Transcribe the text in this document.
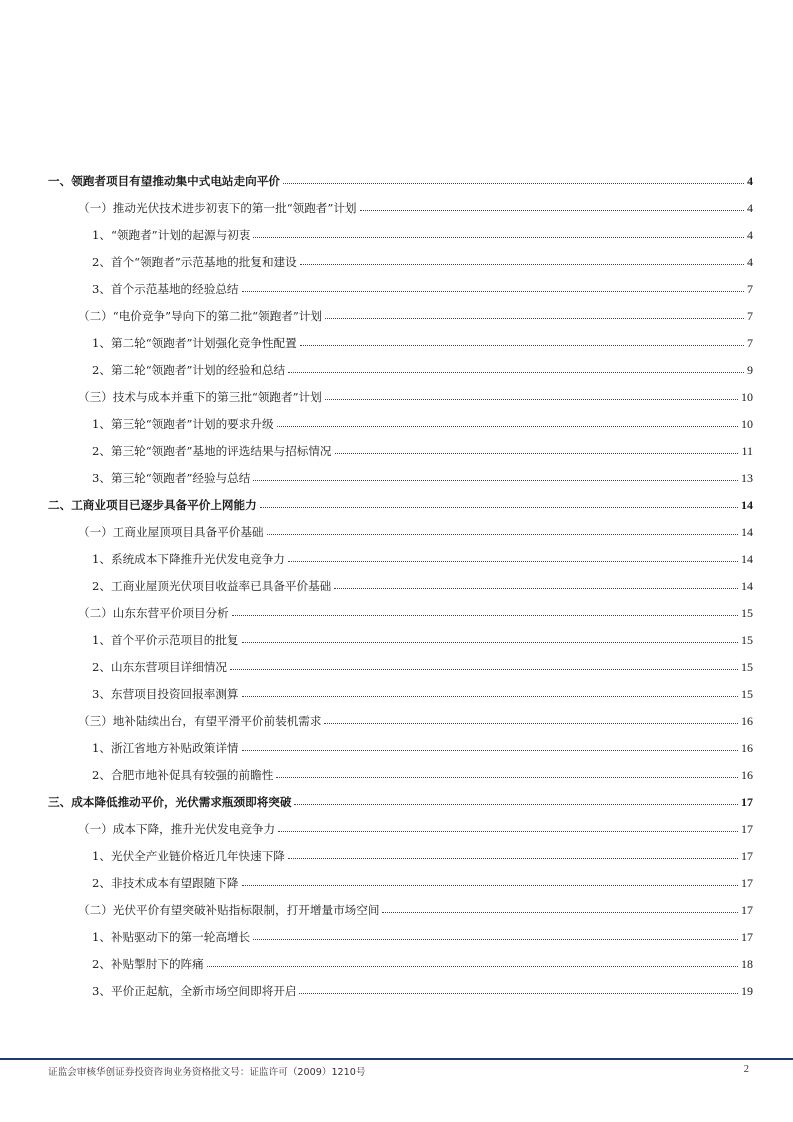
一、领跑者项目有望推动集中式电站走向平价	4
（一）推动光伏技术进步初衷下的第一批“领跑者”计划	4
1、“领跑者”计划的起源与初衷	4
2、首个“领跑者”示范基地的批复和建设	4
3、首个示范基地的经验总结	7
（二）“电价竞争”导向下的第二批“领跑者”计划	7
1、第二轮“领跑者”计划强化竞争性配置	7
2、第二轮“领跑者”计划的经验和总结	9
（三）技术与成本并重下的第三批“领跑者”计划	10
1、第三轮“领跑者”计划的要求升级	10
2、第三轮“领跑者”基地的评选结果与招标情况	11
3、第三轮“领跑者”经验与总结	13
二、工商业项目已逐步具备平价上网能力	14
（一）工商业屋顶项目具备平价基础	14
1、系统成本下降推升光伏发电竞争力	14
2、工商业屋顶光伏项目收益率已具备平价基础	14
（二）山东东营平价项目分析	15
1、首个平价示范项目的批复	15
2、山东东营项目详细情况	15
3、东营项目投资回报率测算	15
（三）地补陆续出台，有望平滑平价前装机需求	16
1、浙江省地方补贴政策详情	16
2、合肥市地补促具有较强的前瞻性	16
三、成本降低推动平价，光伏需求瓶颈即将突破	17
（一）成本下降，推升光伏发电竞争力	17
1、光伏全产业链价格近几年快速下降	17
2、非技术成本有望跟随下降	17
（二）光伏平价有望突破补贴指标限制，打开增量市场空间	17
1、补贴驱动下的第一轮高增长	17
2、补贴掣肘下的阵痛	18
3、平价正起航，全新市场空间即将开启	19
证监会审核华创证券投资咨询业务资格批文号：证监许可（2009）1210号	2
